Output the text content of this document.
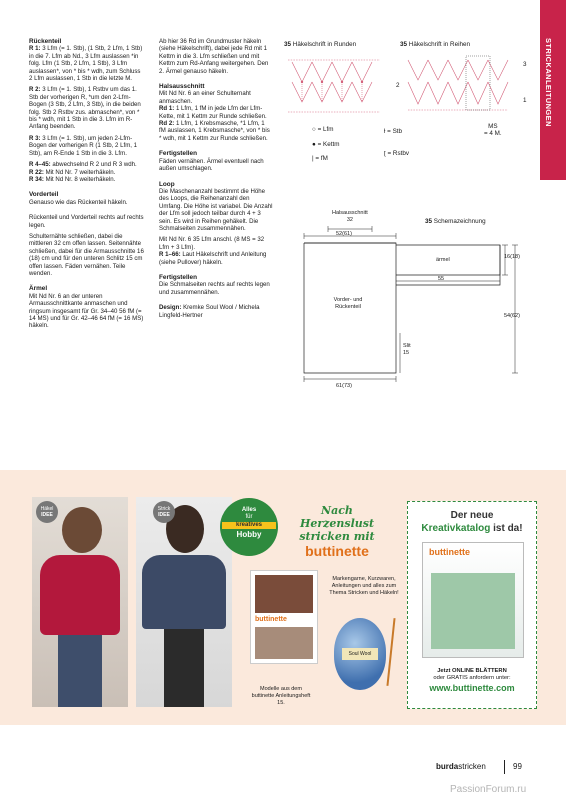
STRICKANLEITUNGEN
Rückenteil

R 1: 3 Lfm (= 1. Stb), (1 Stb, 2 Lfm, 1 Stb) in die 7. Lfm ab Nd., 3 Lfm auslassen *in folg. Lfm (1 Stb, 2 Lfm, 1 Stb), 3 Lfm auslassen*, von * bis * wdh, zum Schluss 2 Lfm auslassen, 1 Stb in die letzte M.

R 2: 3 Lfm (= 1. Stb), 1 Rstbv um das 1. Stb der vorherigen R, *um den 2-Lfm-Bogen (3 Stb, 2 Lfm, 3 Stb), in die beiden folg. Stb 2 Rstbv zus. abmaschen*, von * bis * wdh, mit 1 Stb in die 3. Lfm im R-Anfang beenden.

R 3: 3 Lfm (= 1. Stb), um jeden 2-Lfm-Bogen der vorherigen R (1 Stb, 2 Lfm, 1 Stb), am R-Ende 1 Stb in die 3. Lfm.

R 4–45: abwechselnd R 2 und R 3 wdh.

R 22: Mit Nd Nr. 7 weiterhäkeln.

R 34: Mit Nd Nr. 8 weiterhäkeln.

Vorderteil

Genauso wie das Rückenteil häkeln.

Rückenteil und Vorderteil rechts auf rechts legen.

Schulternähte schließen, dabei die mittleren 32 cm offen lassen. Seitennähte schließen, dabei für die Armausschnitte 16 (18) cm und für den unteren Schlitz 15 cm offen lassen. Fäden vernähen. Teile wenden.

Ärmel

Mit Nd Nr. 6 an der unteren Armausschnittkante anmaschen und ringsum insgesamt für Gr. 34–40 56 fM (= 14 MS) und für Gr. 42–46 64 fM (= 16 MS) häkeln.

Ab hier 36 Rd im Grundmuster häkeln (siehe Häkelschrift), dabei jede Rd mit 1 Kettm in die 3. Lfm schließen und mit Kettm zum Rd-Anfang weitergehen. Den 2. Ärmel genauso häkeln.

Halsausschnitt

Mit Nd Nr. 6 an einer Schulternaht anmaschen.

Rd 1: 1 Lfm, 1 fM in jede Lfm der Lfm-Kette, mit 1 Kettm zur Runde schließen.

Rd 2: 1 Lfm, 1 Krebsmasche, *1 Lfm, 1 fM auslassen, 1 Krebsmasche*, von * bis * wdh, mit 1 Kettm zur Runde schließen.

Fertigstellen

Fäden vernähen. Ärmel eventuell nach außen umschlagen.

Loop

Die Maschenanzahl bestimmt die Höhe des Loops, die Reihenanzahl den Umfang. Die Höhe ist variabel. Die Anzahl der Lfm soll jedoch teilbar durch 4 + 3 sein. Es wird in Reihen gehäkelt. Die Schmalseiten zusammennähen.

Mit Nd Nr. 6 35 Lfm anschl. (8 MS = 32 Lfm + 3 Lfm).

R 1–66: Laut Häkelschrift und Anleitung (siehe Pullover) häkeln.

Fertigstellen

Die Schmalseiten rechts auf rechts legen und zusammennähen.

Design: Kremke Soul Wool / Michela Lingfeld-Hertner

35 Häkelschrift in Runden	35 Häkelschrift in Reihen
3
2
1
MS
= 4 M.
○ = Lfm
● = Kettm
| = fM
ƚ = Stb
ʈ = Rstbv
35 Schemazeichnung
Halsausschnitt
32
52(61)
ärmel	16(18)
55
Vorder- und Rückenteil
54(62)
Slit
15
61(73)
Häkel
IDEE
Strick
IDEE
Alles
für
kreatives
Hobby
Nach Herzenslust
stricken mit
buttinette
buttinette
Modelle aus dem buttinette Anleitungsheft 15.
Markengarne, Kurzwaren, Anleitungen und alles zum Thema Stricken und Häkeln!
Soul Wool
Der neue
Kreativkatalog ist da!
buttinette
Jetzt ONLINE BLÄTTERN
oder GRATIS anfordern unter:
www.buttinette.com
burdastricken	99
PassionForum.ru
